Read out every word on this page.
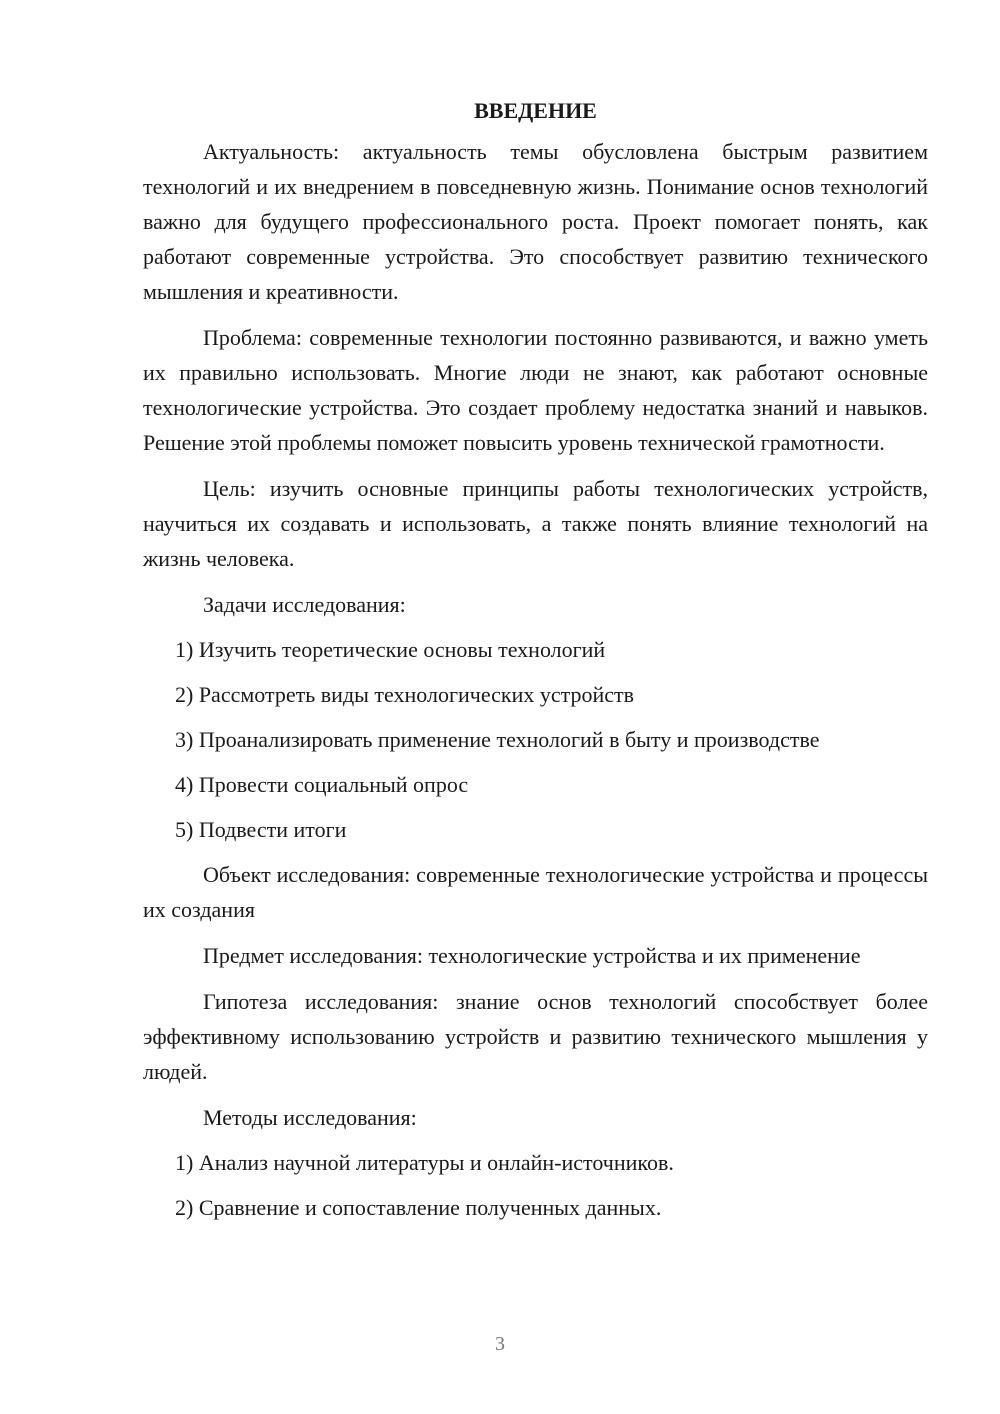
ВВЕДЕНИЕ

Актуальность: актуальность темы обусловлена быстрым развитием технологий и их внедрением в повседневную жизнь. Понимание основ технологий важно для будущего профессионального роста. Проект помогает понять, как работают современные устройства. Это способствует развитию технического мышления и креативности.

Проблема: современные технологии постоянно развиваются, и важно уметь их правильно использовать. Многие люди не знают, как работают основные технологические устройства. Это создает проблему недостатка знаний и навыков. Решение этой проблемы поможет повысить уровень технической грамотности.

Цель: изучить основные принципы работы технологических устройств, научиться их создавать и использовать, а также понять влияние технологий на жизнь человека.

Задачи исследования:

1) Изучить теоретические основы технологий

2) Рассмотреть виды технологических устройств

3) Проанализировать применение технологий в быту и производстве

4) Провести социальный опрос

5) Подвести итоги

Объект исследования: современные технологические устройства и процессы их создания

Предмет исследования: технологические устройства и их применение

Гипотеза исследования: знание основ технологий способствует более эффективному использованию устройств и развитию технического мышления у людей.

Методы исследования:

1) Анализ научной литературы и онлайн-источников.

2) Сравнение и сопоставление полученных данных.

3
